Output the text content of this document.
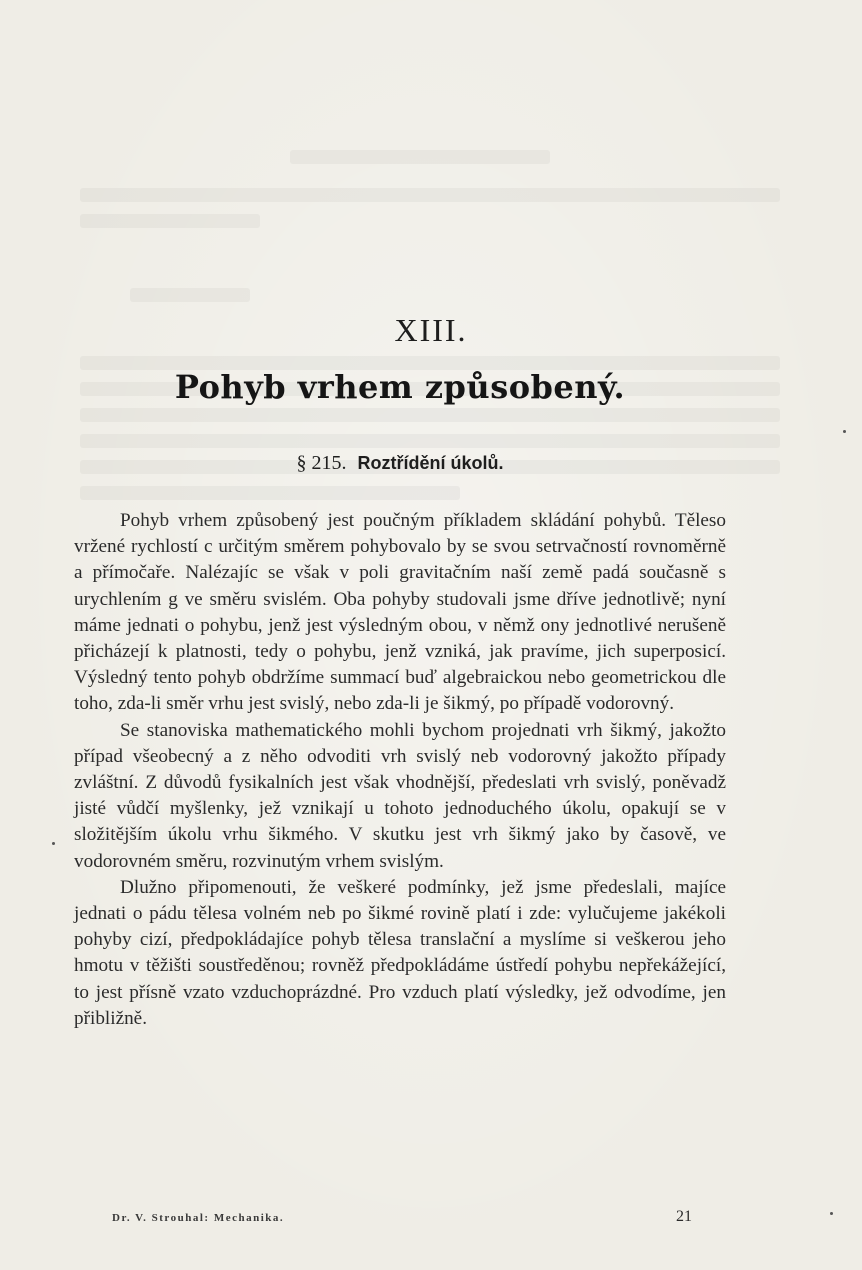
XIII.
Pohyb vrhem způsobený.
§ 215. Roztřídění úkolů.

Pohyb vrhem způsobený jest poučným příkladem skládání pohybů. Těleso vržené rychlostí c určitým směrem pohybovalo by se svou setrvačností rovnoměrně a přímočaře. Nalézajíc se však v poli gravitačním naší země padá současně s urychlením g ve směru svislém. Oba pohyby studovali jsme dříve jednotlivě; nyní máme jednati o pohybu, jenž jest výsledným obou, v němž ony jednotlivé nerušeně přicházejí k platnosti, tedy o pohybu, jenž vzniká, jak pravíme, jich superposicí. Výsledný tento pohyb obdržíme summací buď algebraickou nebo geometrickou dle toho, zda-li směr vrhu jest svislý, nebo zda-li je šikmý, po případě vodorovný.

Se stanoviska mathematického mohli bychom projednati vrh šikmý, jakožto případ všeobecný a z něho odvoditi vrh svislý neb vodorovný jakožto případy zvláštní. Z důvodů fysikalních jest však vhodnější, předeslati vrh svislý, poněvadž jisté vůdčí myšlenky, jež vznikají u tohoto jednoduchého úkolu, opakují se v složitějším úkolu vrhu šikmého. V skutku jest vrh šikmý jako by časově, ve vodorovném směru, rozvinutým vrhem svislým.

Dlužno připomenouti, že veškeré podmínky, jež jsme předeslali, majíce jednati o pádu tělesa volném neb po šikmé rovině platí i zde: vylučujeme jakékoli pohyby cizí, předpokládajíce pohyb tělesa translační a myslíme si veškerou jeho hmotu v těžišti soustředěnou; rovněž předpokládáme ústředí pohybu nepřekážející, to jest přísně vzato vzduchoprázdné. Pro vzduch platí výsledky, jež odvodíme, jen přibližně.

Dr. V. Strouhal: Mechanika.	21
